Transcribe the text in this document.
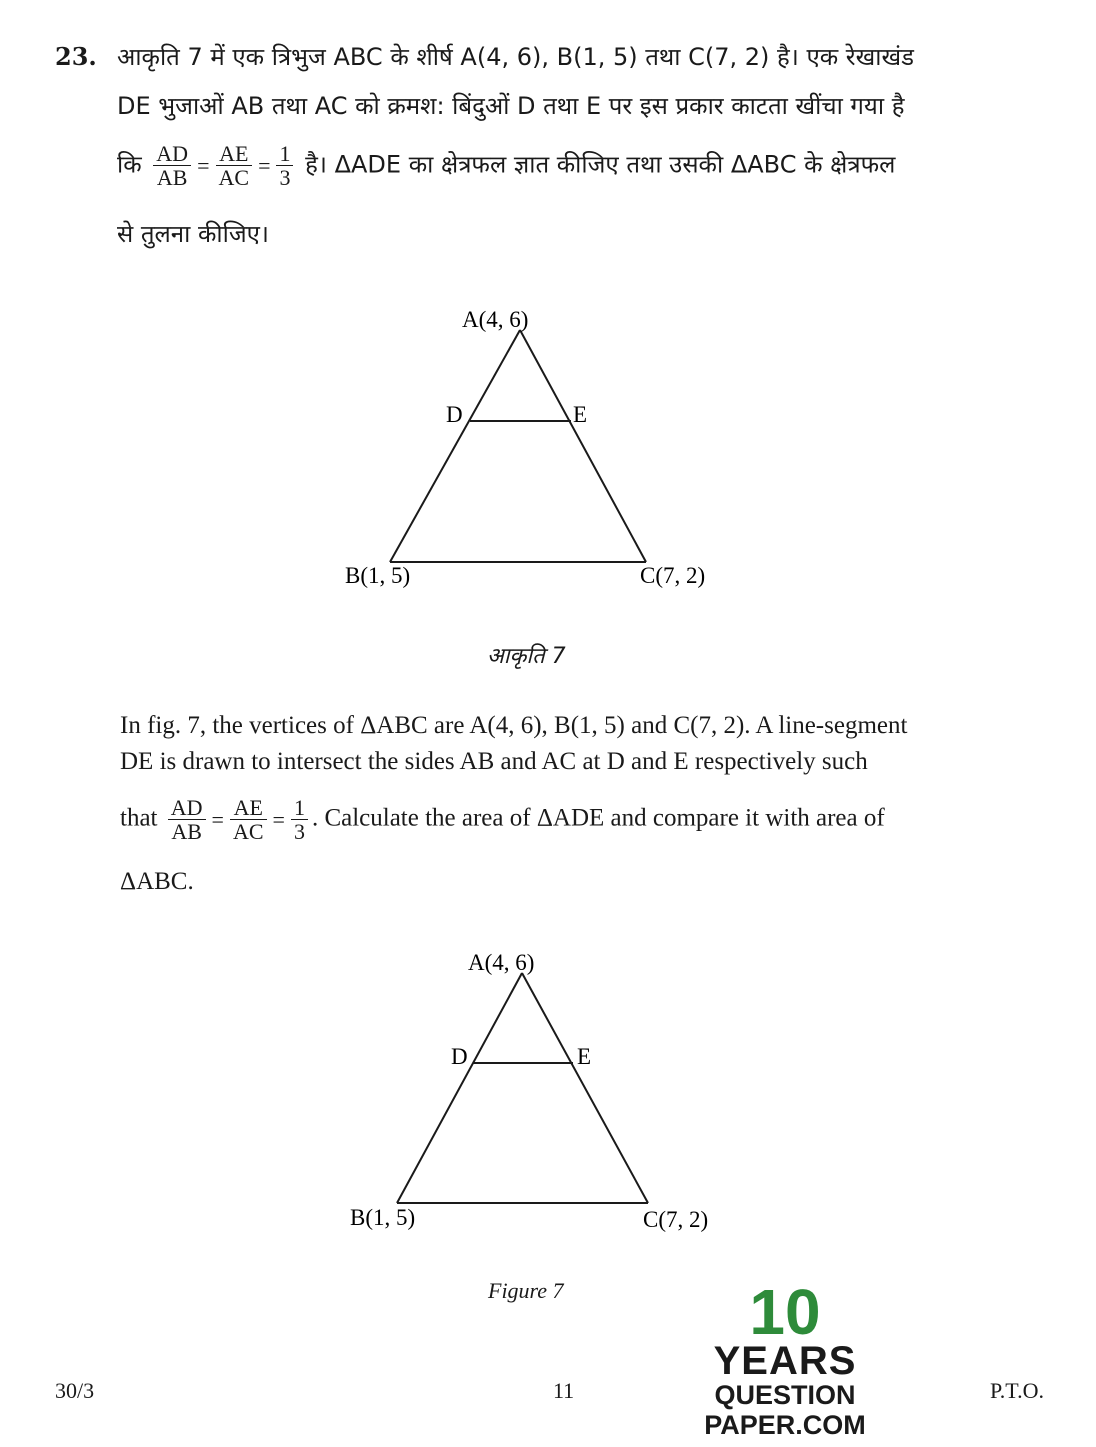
23. आकृति 7 में एक त्रिभुज ABC के शीर्ष A(4, 6), B(1, 5) तथा C(7, 2) है। एक रेखाखंड
DE भुजाओं AB तथा AC को क्रमश: बिंदुओं D तथा E पर इस प्रकार काटता खींचा गया है
कि $\frac{AD}{AB} = \frac{AE}{AC} = \frac{1}{3}$ है। ΔADE का क्षेत्रफल ज्ञात कीजिए तथा उसकी ΔABC के क्षेत्रफल
से तुलना कीजिए।
A(4, 6)
D	E
B(1, 5)	C(7, 2)
आकृति 7
In fig. 7, the vertices of ΔABC are A(4, 6), B(1, 5) and C(7, 2). A line-segment
DE is drawn to intersect the sides AB and AC at D and E respectively such
that $\frac{AD}{AB} = \frac{AE}{AC} = \frac{1}{3}$ . Calculate the area of ΔADE and compare it with area of
ΔABC.
A(4, 6)
D	E
B(1, 5)	C(7, 2)
Figure 7	10
YEARS
QUESTION PAPER.COM
30/3	11	P.T.O.
